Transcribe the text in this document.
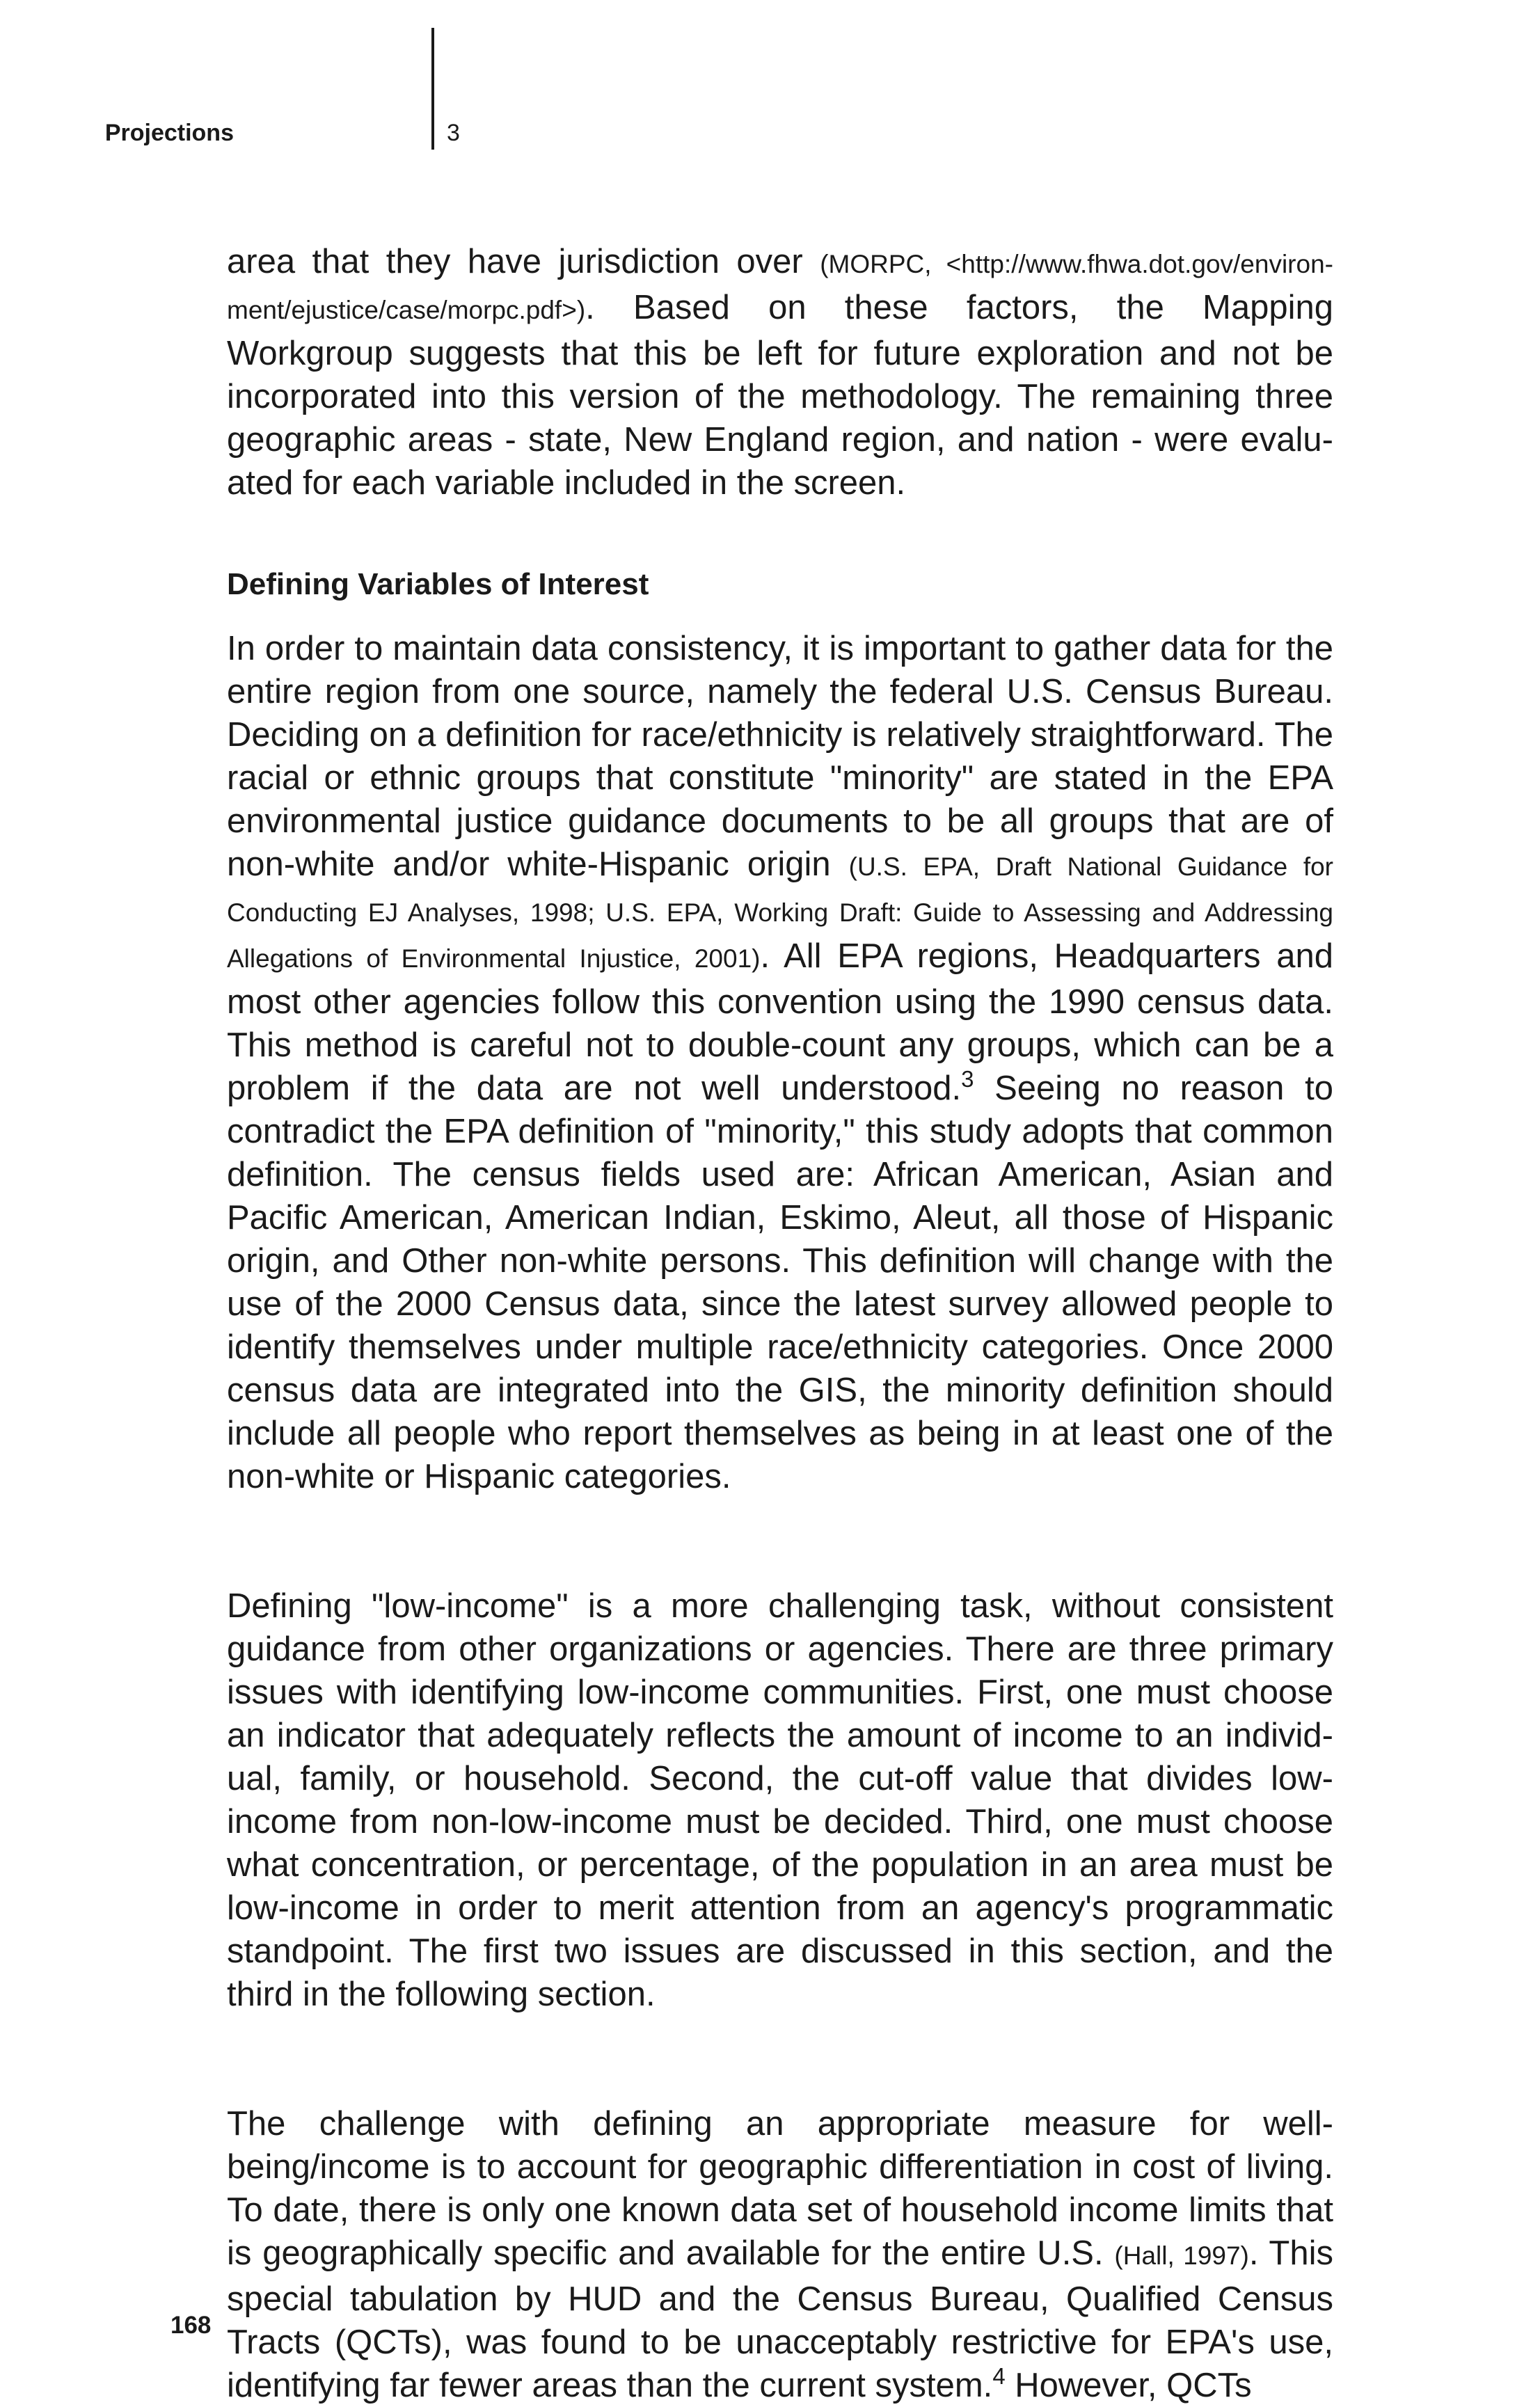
Projections	3

area that they have jurisdiction over (MORPC, <http://www.fhwa.dot.gov/environment/ejustice/case/morpc.pdf>). Based on these factors, the Mapping Workgroup suggests that this be left for future exploration and not be incorporated into this version of the methodology. The remaining three geographic areas - state, New England region, and nation - were evaluated for each variable included in the screen.

Defining Variables of Interest

In order to maintain data consistency, it is important to gather data for the entire region from one source, namely the federal U.S. Census Bureau. Deciding on a definition for race/ethnicity is relatively straightforward. The racial or ethnic groups that constitute "minority" are stated in the EPA environmental justice guidance documents to be all groups that are of non-white and/or white-Hispanic origin (U.S. EPA, Draft National Guidance for Conducting EJ Analyses, 1998; U.S. EPA, Working Draft: Guide to Assessing and Addressing Allegations of Environmental Injustice, 2001). All EPA regions, Headquarters and most other agencies follow this convention using the 1990 census data. This method is careful not to double-count any groups, which can be a problem if the data are not well understood.$^3$ Seeing no reason to contradict the EPA definition of "minority," this study adopts that common definition. The census fields used are: African American, Asian and Pacific American, American Indian, Eskimo, Aleut, all those of Hispanic origin, and Other non-white persons. This definition will change with the use of the 2000 Census data, since the latest survey allowed people to identify themselves under multiple race/ethnicity categories. Once 2000 census data are integrated into the GIS, the minority definition should include all people who report themselves as being in at least one of the non-white or Hispanic categories.

Defining "low-income" is a more challenging task, without consistent guidance from other organizations or agencies. There are three primary issues with identifying low-income communities. First, one must choose an indicator that adequately reflects the amount of income to an individual, family, or household. Second, the cut-off value that divides low-income from non-low-income must be decided. Third, one must choose what concentration, or percentage, of the population in an area must be low-income in order to merit attention from an agency's programmatic standpoint. The first two issues are discussed in this section, and the third in the following section.

The challenge with defining an appropriate measure for well-being/income is to account for geographic differentiation in cost of living. To date, there is only one known data set of household income limits that is geographically specific and available for the entire U.S. (Hall, 1997). This special tabulation by HUD and the Census Bureau, Qualified Census Tracts (QCTs), was found to be unacceptably restrictive for EPA's use, identifying far fewer areas than the current system.$^4$ However, QCTs

168
